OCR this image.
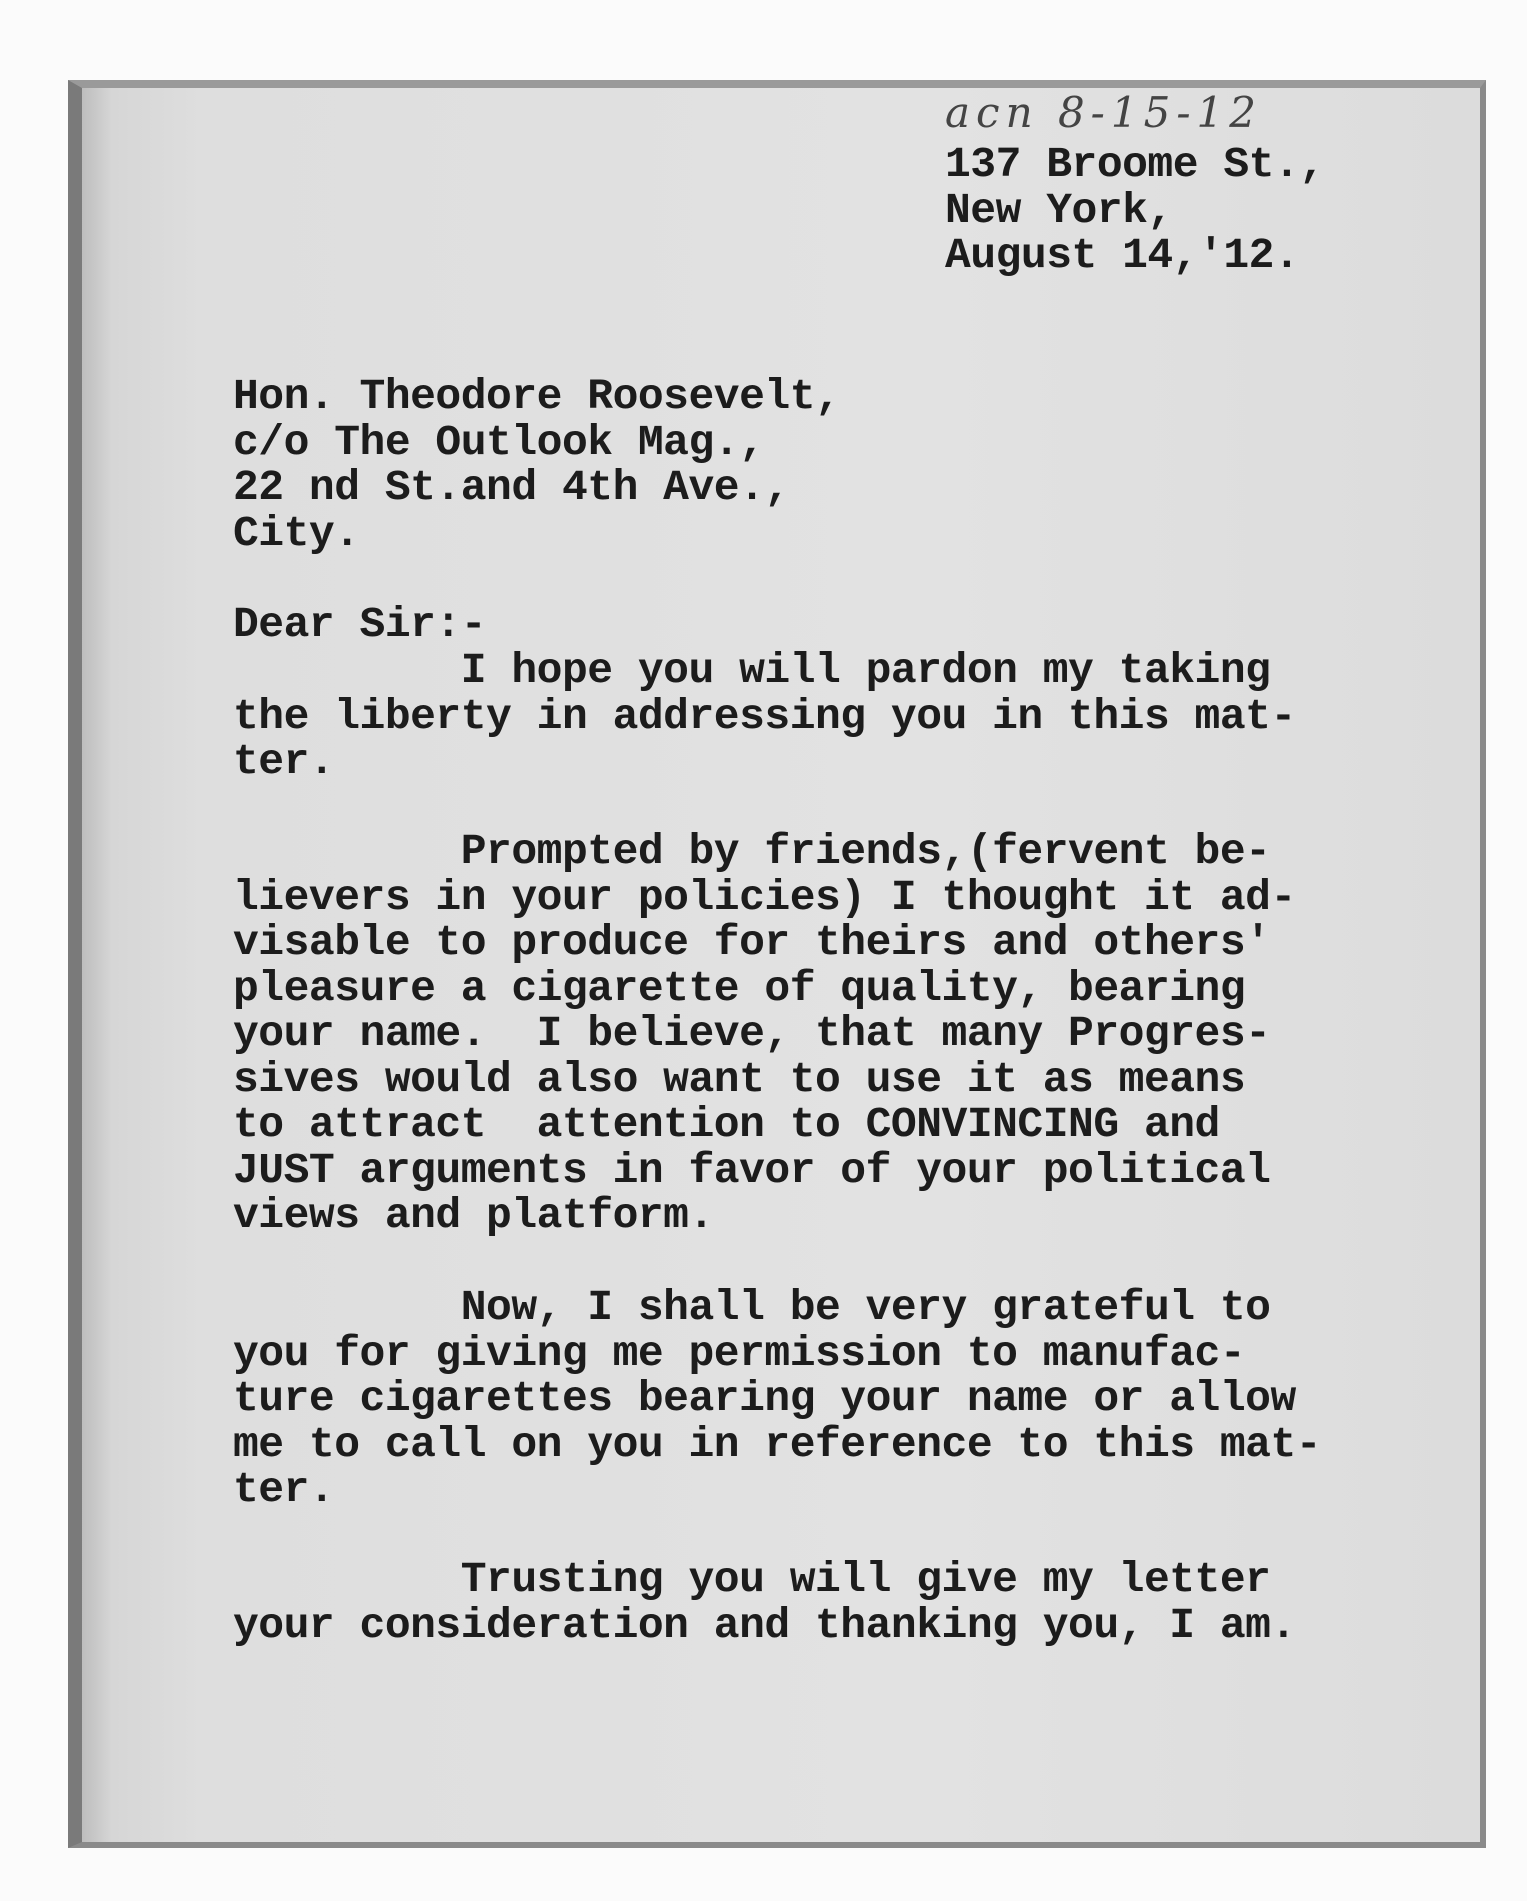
acn 8-15-12
137 Broome St.,
New York,
August 14,'12.
Hon. Theodore Roosevelt,
c/o The Outlook Mag.,
22 nd St.and 4th Ave.,
City.
Dear Sir:-
I hope you will pardon my taking
the liberty in addressing you in this mat-
ter.
Prompted by friends,(fervent be-
lievers in your policies) I thought it ad-
visable to produce for theirs and others'
pleasure a cigarette of quality, bearing
your name.  I believe, that many Progres-
sives would also want to use it as means
to attract  attention to CONVINCING and
JUST arguments in favor of your political
views and platform.
Now, I shall be very grateful to
you for giving me permission to manufac-
ture cigarettes bearing your name or allow
me to call on you in reference to this mat-
ter.
Trusting you will give my letter
your consideration and thanking you, I am.
